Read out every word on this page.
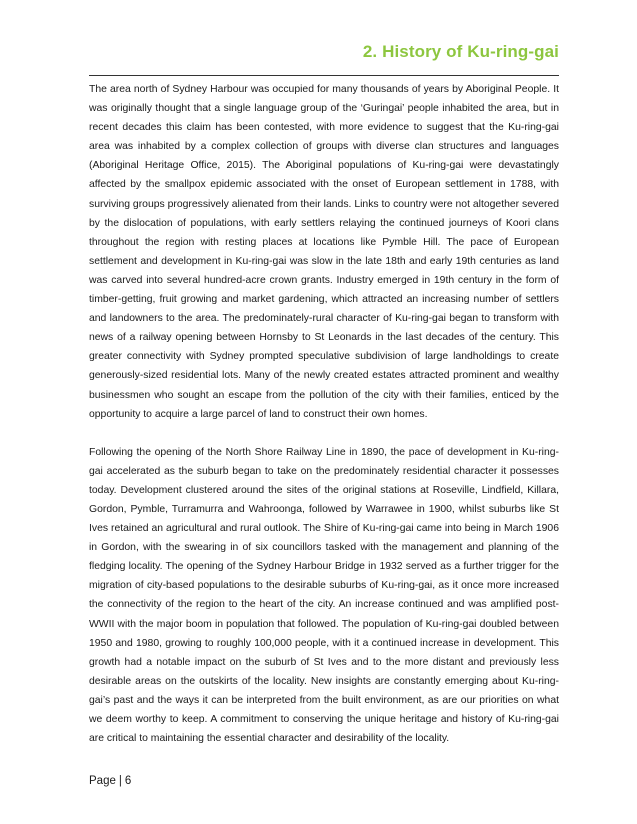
2. History of Ku-ring-gai

The area north of Sydney Harbour was occupied for many thousands of years by Aboriginal People. It was originally thought that a single language group of the ‘Guringai’ people inhabited the area, but in recent decades this claim has been contested, with more evidence to suggest that the Ku-ring-gai area was inhabited by a complex collection of groups with diverse clan structures and languages (Aboriginal Heritage Office, 2015). The Aboriginal populations of Ku-ring-gai were devastatingly affected by the smallpox epidemic associated with the onset of European settlement in 1788, with surviving groups progressively alienated from their lands. Links to country were not altogether severed by the dislocation of populations, with early settlers relaying the continued journeys of Koori clans throughout the region with resting places at locations like Pymble Hill. The pace of European settlement and development in Ku-ring-gai was slow in the late 18th and early 19th centuries as land was carved into several hundred-acre crown grants. Industry emerged in 19th century in the form of timber-getting, fruit growing and market gardening, which attracted an increasing number of settlers and landowners to the area. The predominately-rural character of Ku-ring-gai began to transform with news of a railway opening between Hornsby to St Leonards in the last decades of the century. This greater connectivity with Sydney prompted speculative subdivision of large landholdings to create generously-sized residential lots. Many of the newly created estates attracted prominent and wealthy businessmen who sought an escape from the pollution of the city with their families, enticed by the opportunity to acquire a large parcel of land to construct their own homes.

Following the opening of the North Shore Railway Line in 1890, the pace of development in Ku-ring-gai accelerated as the suburb began to take on the predominately residential character it possesses today. Development clustered around the sites of the original stations at Roseville, Lindfield, Killara, Gordon, Pymble, Turramurra and Wahroonga, followed by Warrawee in 1900, whilst suburbs like St Ives retained an agricultural and rural outlook. The Shire of Ku-ring-gai came into being in March 1906 in Gordon, with the swearing in of six councillors tasked with the management and planning of the fledging locality. The opening of the Sydney Harbour Bridge in 1932 served as a further trigger for the migration of city-based populations to the desirable suburbs of Ku-ring-gai, as it once more increased the connectivity of the region to the heart of the city. An increase continued and was amplified post-WWII with the major boom in population that followed. The population of Ku-ring-gai doubled between 1950 and 1980, growing to roughly 100,000 people, with it a continued increase in development. This growth had a notable impact on the suburb of St Ives and to the more distant and previously less desirable areas on the outskirts of the locality. New insights are constantly emerging about Ku-ring-gai’s past and the ways it can be interpreted from the built environment, as are our priorities on what we deem worthy to keep. A commitment to conserving the unique heritage and history of Ku-ring-gai are critical to maintaining the essential character and desirability of the locality.

Page | 6
